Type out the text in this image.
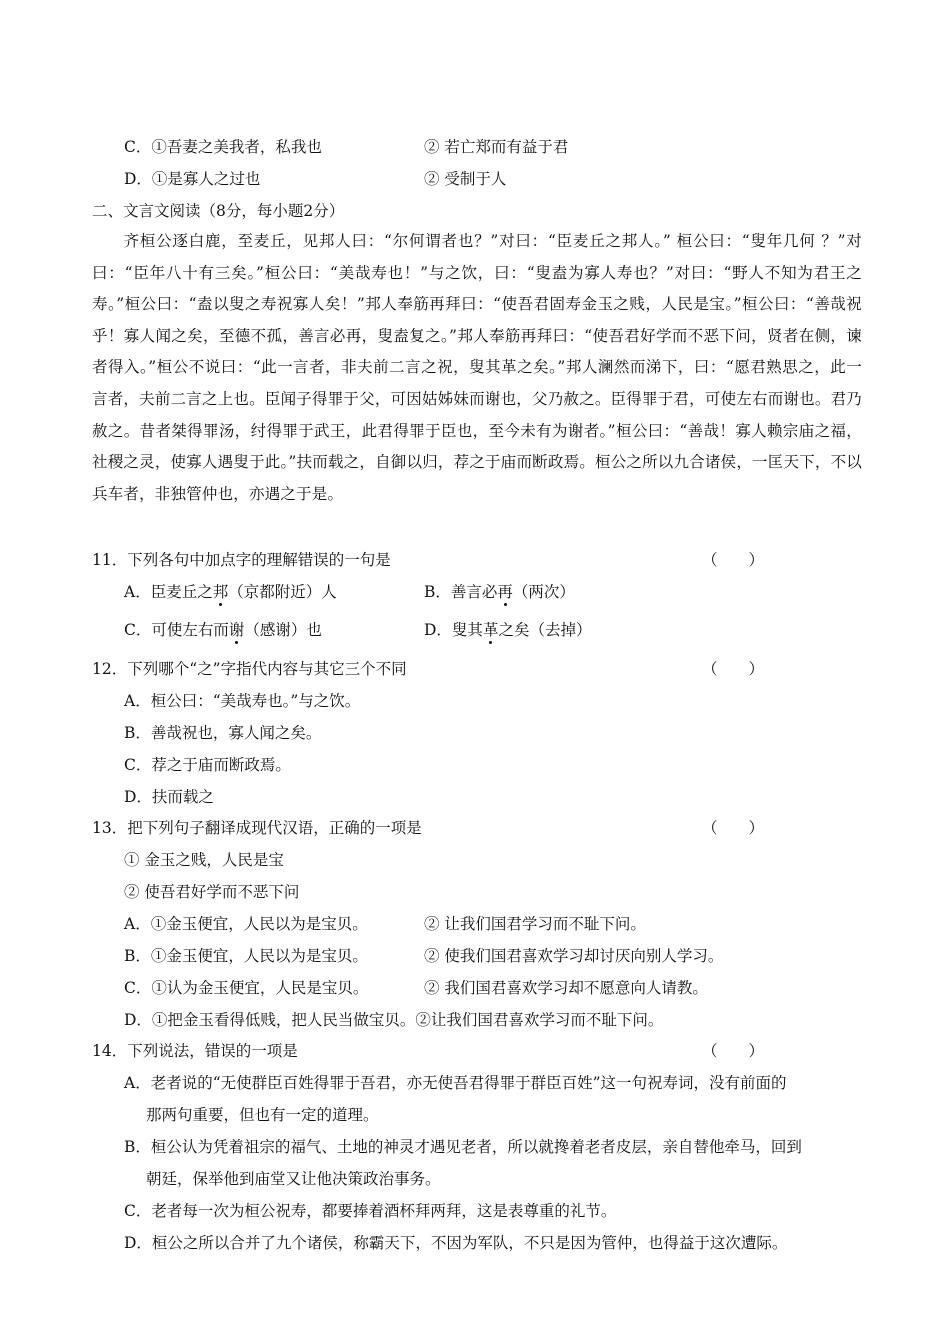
C．①吾妻之美我者，私我也	② 若亡郑而有益于君
D．①是寡人之过也	② 受制于人
二、文言文阅读（8分，每小题2分）
齐桓公逐白鹿，至麦丘，见邦人曰：“尔何谓者也？”对曰：“臣麦丘之邦人。” 桓公曰：“叟年几何 ？”对曰：“臣年八十有三矣。”桓公曰：“美哉寿也！”与之饮，曰：“叟盍为寡人寿也？”对曰：“野人不知为君王之寿。”桓公曰：“盍以叟之寿祝寡人矣！”邦人奉筋再拜曰：“使吾君固寿金玉之贱，人民是宝。”桓公曰：“善哉祝乎！寡人闻之矣，至德不孤，善言必再，叟盍复之。”邦人奉筋再拜曰：“使吾君好学而不恶下问，贤者在侧，谏者得入。”桓公不说曰：“此一言者，非夫前二言之祝，叟其革之矣。”邦人澜然而涕下，曰：“愿君熟思之，此一言者，夫前二言之上也。臣闻子得罪于父，可因姑姊妹而谢也，父乃赦之。臣得罪于君，可使左右而谢也。君乃赦之。昔者桀得罪汤，纣得罪于武王，此君得罪于臣也，至今未有为谢者。”桓公曰：“善哉！寡人赖宗庙之福，社稷之灵，使寡人遇叟于此。”扶而载之，自御以归，荐之于庙而断政焉。桓公之所以九合诸侯，一匡天下，不以兵车者，非独管仲也，亦遇之于是。
11．下列各句中加点字的理解错误的一句是	（　　）
A．臣麦丘之邦（京都附近）人	B．善言必再（两次）
C．可使左右而谢（感谢）也	D．叟其革之矣（去掉）
12．下列哪个“之”字指代内容与其它三个不同	（　　）
A．桓公曰：“美哉寿也。”与之饮。
B．善哉祝也，寡人闻之矣。
C．荐之于庙而断政焉。
D．扶而载之
13．把下列句子翻译成现代汉语，正确的一项是	（　　）
① 金玉之贱，人民是宝
② 使吾君好学而不恶下问
A．①金玉便宜，人民以为是宝贝。	② 让我们国君学习而不耻下问。
B．①金玉便宜，人民以为是宝贝。	② 使我们国君喜欢学习却讨厌向别人学习。
C．①认为金玉便宜，人民是宝贝。	② 我们国君喜欢学习却不愿意向人请教。
D．①把金玉看得低贱，把人民当做宝贝。②让我们国君喜欢学习而不耻下问。
14．下列说法，错误的一项是	（　　）
A．老者说的“无使群臣百姓得罪于吾君，亦无使吾君得罪于群臣百姓”这一句祝寿词，没有前面的
那两句重要，但也有一定的道理。
B．桓公认为凭着祖宗的福气、土地的神灵才遇见老者，所以就搀着老者皮层，亲自替他牵马，回到
朝廷，保举他到庙堂又让他决策政治事务。
C．老者每一次为桓公祝寿，都要捧着酒杯拜两拜，这是表尊重的礼节。
D．桓公之所以合并了九个诸侯，称霸天下，不因为军队，不只是因为管仲，也得益于这次遭际。
